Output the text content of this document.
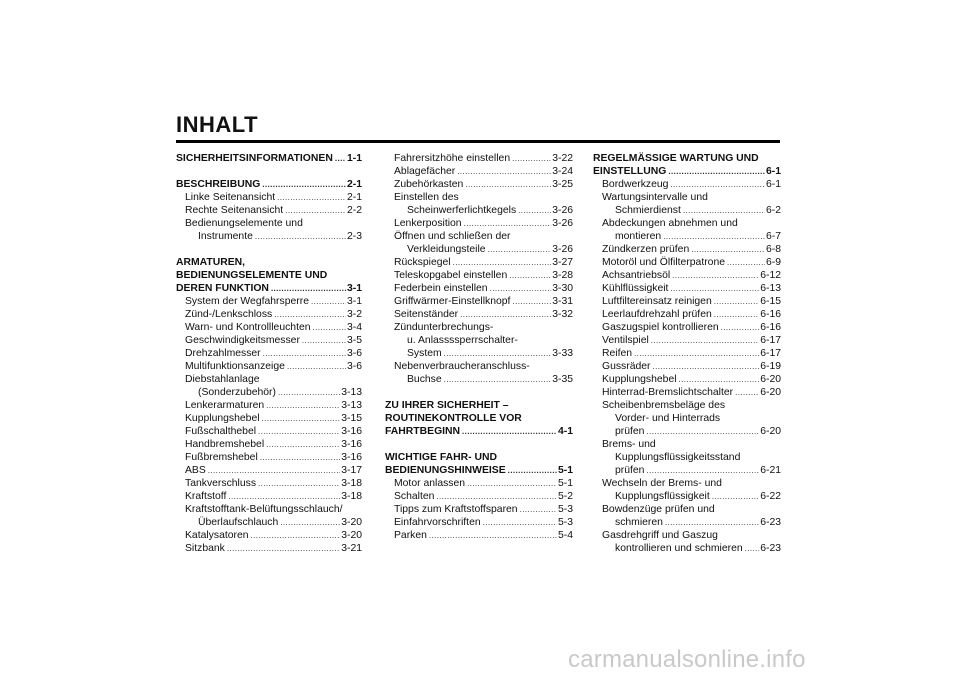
INHALT
SICHERHEITSINFORMATIONEN ..... 1-1
BESCHREIBUNG .....	2-1
Linke Seitenansicht .....	2-1
Rechte Seitenansicht .....	2-2
Bedienungselemente und
Instrumente .....	2-3
ARMATUREN,
BEDIENUNGSELEMENTE UND
DEREN FUNKTION .....	3-1
System der Wegfahrsperre .....	3-1
Zünd-/Lenkschloss .....	3-2
Warn- und Kontrollleuchten .....	3-4
Geschwindigkeitsmesser .....	3-5
Drehzahlmesser .....	3-6
Multifunktionsanzeige .....	3-6
Diebstahlanlage
(Sonderzubehör) .....	3-13
Lenkerarmaturen .....	3-13
Kupplungshebel .....	3-15
Fußschalthebel .....	3-16
Handbremshebel .....	3-16
Fußbremshebel .....	3-16
ABS .....	3-17
Tankverschluss .....	3-18
Kraftstoff .....	3-18
Kraftstofftank-Belüftungsschlauch/
Überlaufschlauch .....	3-20
Katalysatoren .....	3-20
Sitzbank .....	3-21
Fahrersitzhöhe einstellen .....	3-22
Ablagefächer .....	3-24
Zubehörkasten .....	3-25
Einstellen des
Scheinwerferlichtkegels .....	3-26
Lenkerposition .....	3-26
Öffnen und schließen der
Verkleidungsteile .....	3-26
Rückspiegel .....	3-27
Teleskopgabel einstellen .....	3-28
Federbein einstellen .....	3-30
Griffwärmer-Einstellknopf .....	3-31
Seitenständer .....	3-32
Zündunterbrechungs-
u. Anlassssperrschalter-
System .....	3-33
Nebenverbraucheranschluss-
Buchse .....	3-35
ZU IHRER SICHERHEIT –
ROUTINEKONTROLLE VOR
FAHRTBEGINN .....	4-1
WICHTIGE FAHR- UND
BEDIENUNGSHINWEISE .....	5-1
Motor anlassen .....	5-1
Schalten .....	5-2
Tipps zum Kraftstoffsparen .....	5-3
Einfahrvorschriften .....	5-3
Parken .....	5-4
REGELMÄSSIGE WARTUNG UND
EINSTELLUNG .....	6-1
Bordwerkzeug .....	6-1
Wartungsintervalle und
Schmierdienst .....	6-2
Abdeckungen abnehmen und
montieren .....	6-7
Zündkerzen prüfen .....	6-8
Motoröl und Ölfilterpatrone .....	6-9
Achsantriebsöl .....	6-12
Kühlflüssigkeit .....	6-13
Luftfiltereinsatz reinigen .....	6-15
Leerlaufdrehzahl prüfen .....	6-16
Gaszugspiel kontrollieren .....	6-16
Ventilspiel .....	6-17
Reifen .....	6-17
Gussräder .....	6-19
Kupplungshebel .....	6-20
Hinterrad-Bremslichtschalter .....	6-20
Scheibenbremsbeläge des
Vorder- und Hinterrads
prüfen .....	6-20
Brems- und
Kupplungsflüssigkeitsstand
prüfen .....	6-21
Wechseln der Brems- und
Kupplungsflüssigkeit .....	6-22
Bowdenzüge prüfen und
schmieren .....	6-23
Gasdrehgriff und Gaszug
kontrollieren und schmieren ..... 6-23
carmanualsonline.info
